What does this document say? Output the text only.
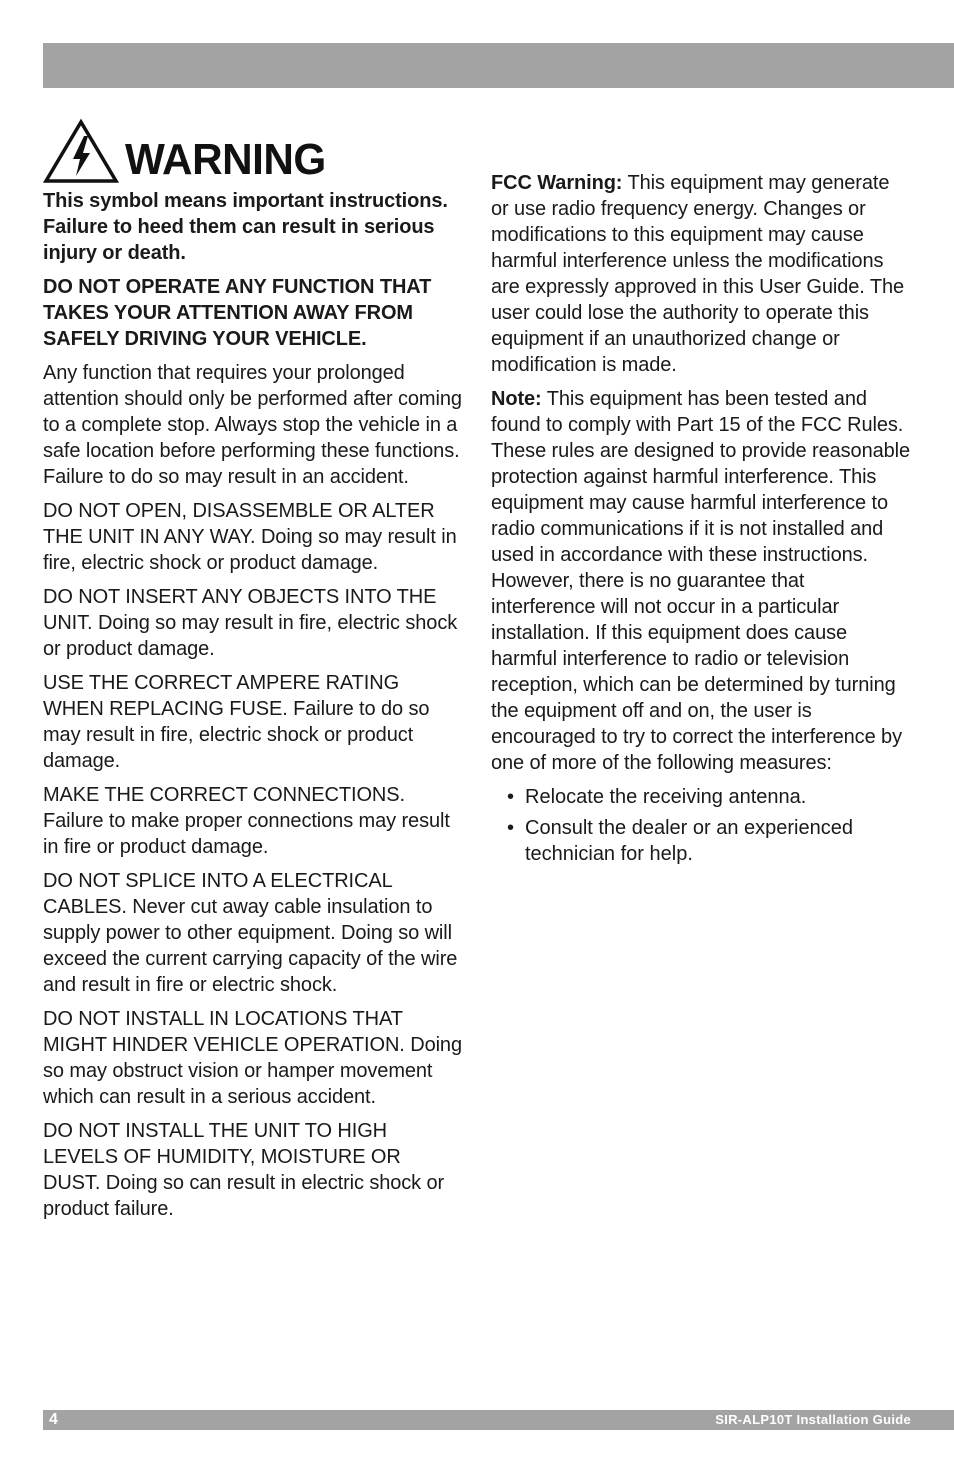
WARNING

This symbol means important instructions. Failure to heed them can result in serious injury or death.

DO NOT OPERATE ANY FUNCTION THAT TAKES YOUR ATTENTION AWAY FROM SAFELY DRIVING YOUR VEHICLE.

Any function that requires your prolonged attention should only be performed after coming to a complete stop. Always stop the vehicle in a safe location before performing these functions. Failure to do so may result in an accident.

DO NOT OPEN, DISASSEMBLE OR ALTER THE UNIT IN ANY WAY. Doing so may result in fire, electric shock or product damage.

DO NOT INSERT ANY OBJECTS INTO THE UNIT. Doing so may result in fire, electric shock or product damage.

USE THE CORRECT AMPERE RATING WHEN REPLACING FUSE. Failure to do so may result in fire, electric shock or product damage.

MAKE THE CORRECT CONNECTIONS. Failure to make proper connections may result in fire or product damage.

DO NOT SPLICE INTO A ELECTRICAL CABLES. Never cut away cable insulation to supply power to other equipment. Doing so will exceed the current carrying capacity of the wire and result in fire or electric shock.

DO NOT INSTALL IN LOCATIONS THAT MIGHT HINDER VEHICLE OPERATION. Doing so may obstruct vision or hamper movement which can result in a serious accident.

DO NOT INSTALL THE UNIT TO HIGH LEVELS OF HUMIDITY, MOISTURE OR DUST. Doing so can result in electric shock or product failure.

FCC Warning: This equipment may generate or use radio frequency energy. Changes or modifications to this equipment may cause harmful interference unless the modifications are expressly approved in this User Guide. The user could lose the authority to operate this equipment if an unauthorized change or modification is made.

Note: This equipment has been tested and found to comply with Part 15 of the FCC Rules. These rules are designed to provide reasonable protection against harmful interference. This equipment may cause harmful interference to radio communications if it is not installed and used in accordance with these instructions. However, there is no guarantee that interference will not occur in a particular installation. If this equipment does cause harmful interference to radio or television reception, which can be determined by turning the equipment off and on, the user is encouraged to try to correct the interference by one of more of the following measures:

• Relocate the receiving antenna.
• Consult the dealer or an experienced technician for help.
4	SIR-ALP10T Installation Guide
